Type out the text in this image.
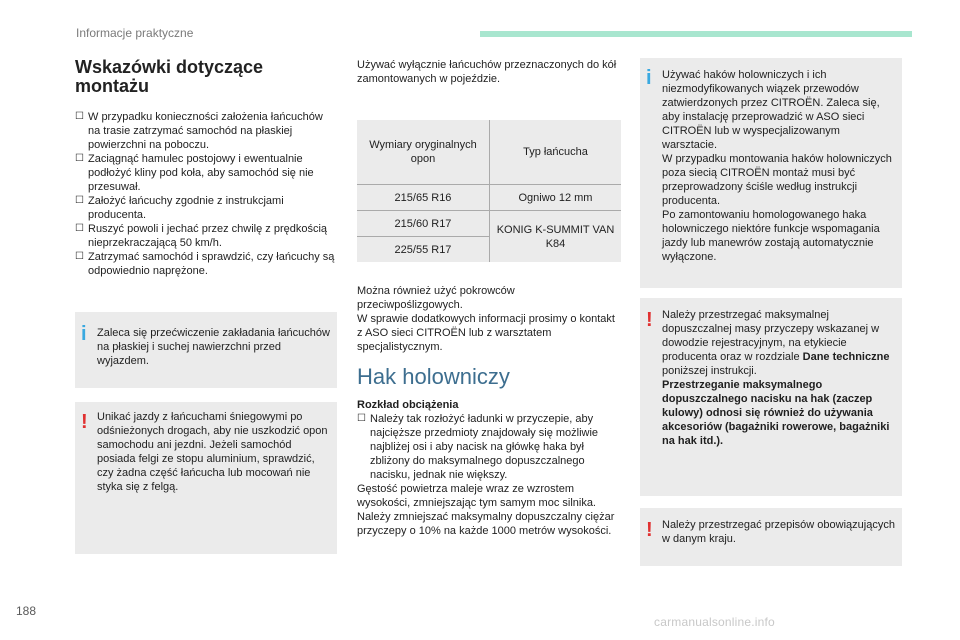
Informacje praktyczne
Wskazówki dotyczące
montażu
☐ W przypadku konieczności założenia łańcuchów na trasie zatrzymać samochód na płaskiej powierzchni na poboczu.
☐ Zaciągnąć hamulec postojowy i ewentualnie podłożyć kliny pod koła, aby samochód się nie przesuwał.
☐ Założyć łańcuchy zgodnie z instrukcjami producenta.
☐ Ruszyć powoli i jechać przez chwilę z prędkością nieprzekraczającą 50 km/h.
☐ Zatrzymać samochód i sprawdzić, czy łańcuchy są odpowiednio naprężone.
i Zaleca się przećwiczenie zakładania łańcuchów na płaskiej i suchej nawierzchni przed wyjazdem.
! Unikać jazdy z łańcuchami śniegowymi po odśnieżonych drogach, aby nie uszkodzić opon samochodu ani jezdni. Jeżeli samochód posiada felgi ze stopu aluminium, sprawdzić, czy żadna część łańcucha lub mocowań nie styka się z felgą.

Używać wyłącznie łańcuchów przeznaczonych do kół zamontowanych w pojeździe.

Wymiary oryginalnych opon	Typ łańcucha
215/65 R16	Ogniwo 12 mm
215/60 R17	KONIG K-SUMMIT VAN K84
225/55 R17	

Można również użyć pokrowców przeciwpoślizgowych.

W sprawie dodatkowych informacji prosimy o kontakt z ASO sieci CITROËN lub z warsztatem specjalistycznym.

Hak holowniczy
Rozkład obciążenia
☐ Należy tak rozłożyć ładunki w przyczepie, aby najcięższe przedmioty znajdowały się możliwie najbliżej osi i aby nacisk na główkę haka był zbliżony do maksymalnego dopuszczalnego nacisku, jednak nie większy.
Gęstość powietrza maleje wraz ze wzrostem wysokości, zmniejszając tym samym moc silnika. Należy zmniejszać maksymalny dopuszczalny ciężar przyczepy o 10% na każde 1000 metrów wysokości.
i Używać haków holowniczych i ich niezmodyfikowanych wiązek przewodów zatwierdzonych przez CITROËN. Zaleca się, aby instalację przeprowadzić w ASO sieci CITROËN lub w wyspecjalizowanym warsztacie.
W przypadku montowania haków holowniczych poza siecią CITROËN montaż musi być przeprowadzony ściśle według instrukcji producenta.
Po zamontowaniu homologowanego haka holowniczego niektóre funkcje wspomagania jazdy lub manewrów zostają automatycznie wyłączone.
! Należy przestrzegać maksymalnej dopuszczalnej masy przyczepy wskazanej w dowodzie rejestracyjnym, na etykiecie producenta oraz w rozdziale Dane techniczne poniższej instrukcji.
Przestrzeganie maksymalnego dopuszczalnego nacisku na hak (zaczep kulowy) odnosi się również do używania akcesoriów (bagażniki rowerowe, bagażniki na hak itd.).
! Należy przestrzegać przepisów obowiązujących w danym kraju.
188
carmanualsonline.info
